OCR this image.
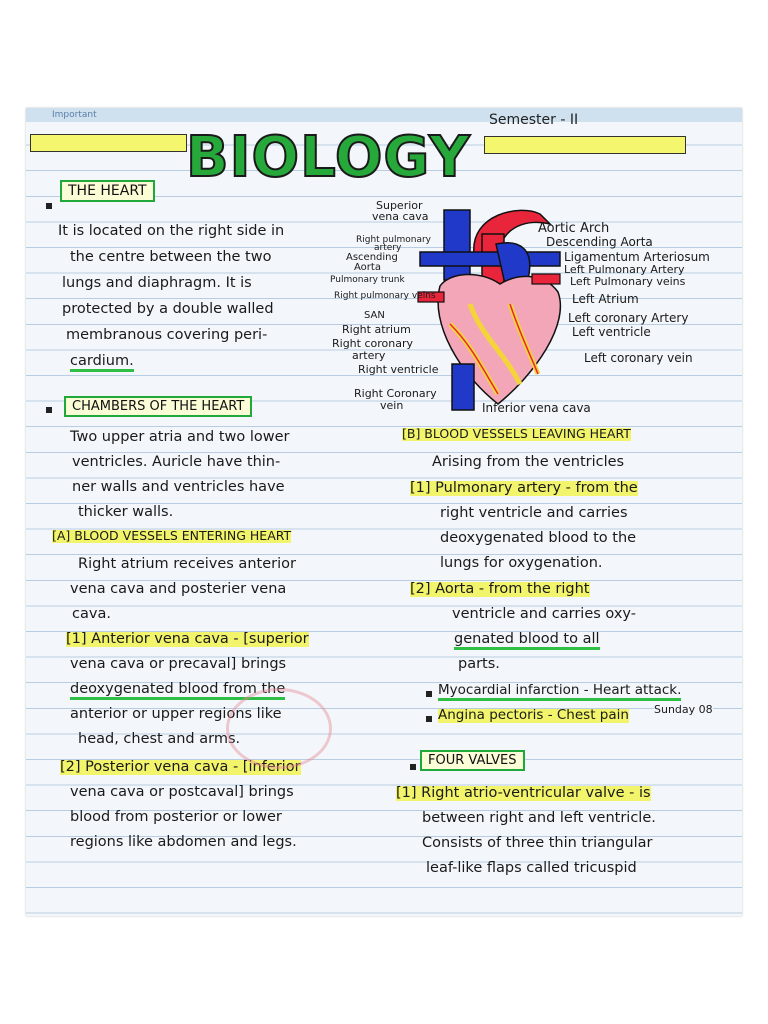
Important	Semester - II
BIOLOGY
THE HEART
It is located on the right side in
the centre between the two
lungs and diaphragm. It is
protected by a double walled
membranous covering peri-
cardium.
Superior
vena cava
Right pulmonary
artery
Ascending
Aorta
Pulmonary trunk
Right pulmonary veins
SAN
Right atrium
Right coronary
artery
Right ventricle
Right Coronary
vein
Aortic Arch
Descending Aorta
Ligamentum Arteriosum
Left Pulmonary Artery
Left Pulmonary veins
Left Atrium
Left coronary Artery
Left ventricle
Left coronary vein
Inferior vena cava
CHAMBERS OF THE HEART
Two upper atria and two lower
ventricles. Auricle have thin-
ner walls and ventricles have
thicker walls.
[A] BLOOD VESSELS ENTERING HEART
Right atrium receives anterior
vena cava and posterier vena
cava.
[1] Anterior vena cava - [superior
vena cava or precaval] brings
deoxygenated blood from the
anterior or upper regions like
head, chest and arms.
[2] Posterior vena cava - [inferior
vena cava or postcaval] brings
blood from posterior or lower
regions like abdomen and legs.
[B] BLOOD VESSELS LEAVING HEART
Arising from the ventricles
[1] Pulmonary artery - from the
right ventricle and carries
deoxygenated blood to the
lungs for oxygenation.
[2] Aorta - from the right
ventricle and carries oxy-
genated blood to all
parts.
Myocardial infarction - Heart attack.
Angina pectoris - Chest pain Sunday 08
FOUR VALVES
[1] Right atrio-ventricular valve - is
between right and left ventricle.
Consists of three thin triangular
leaf-like flaps called tricuspid
